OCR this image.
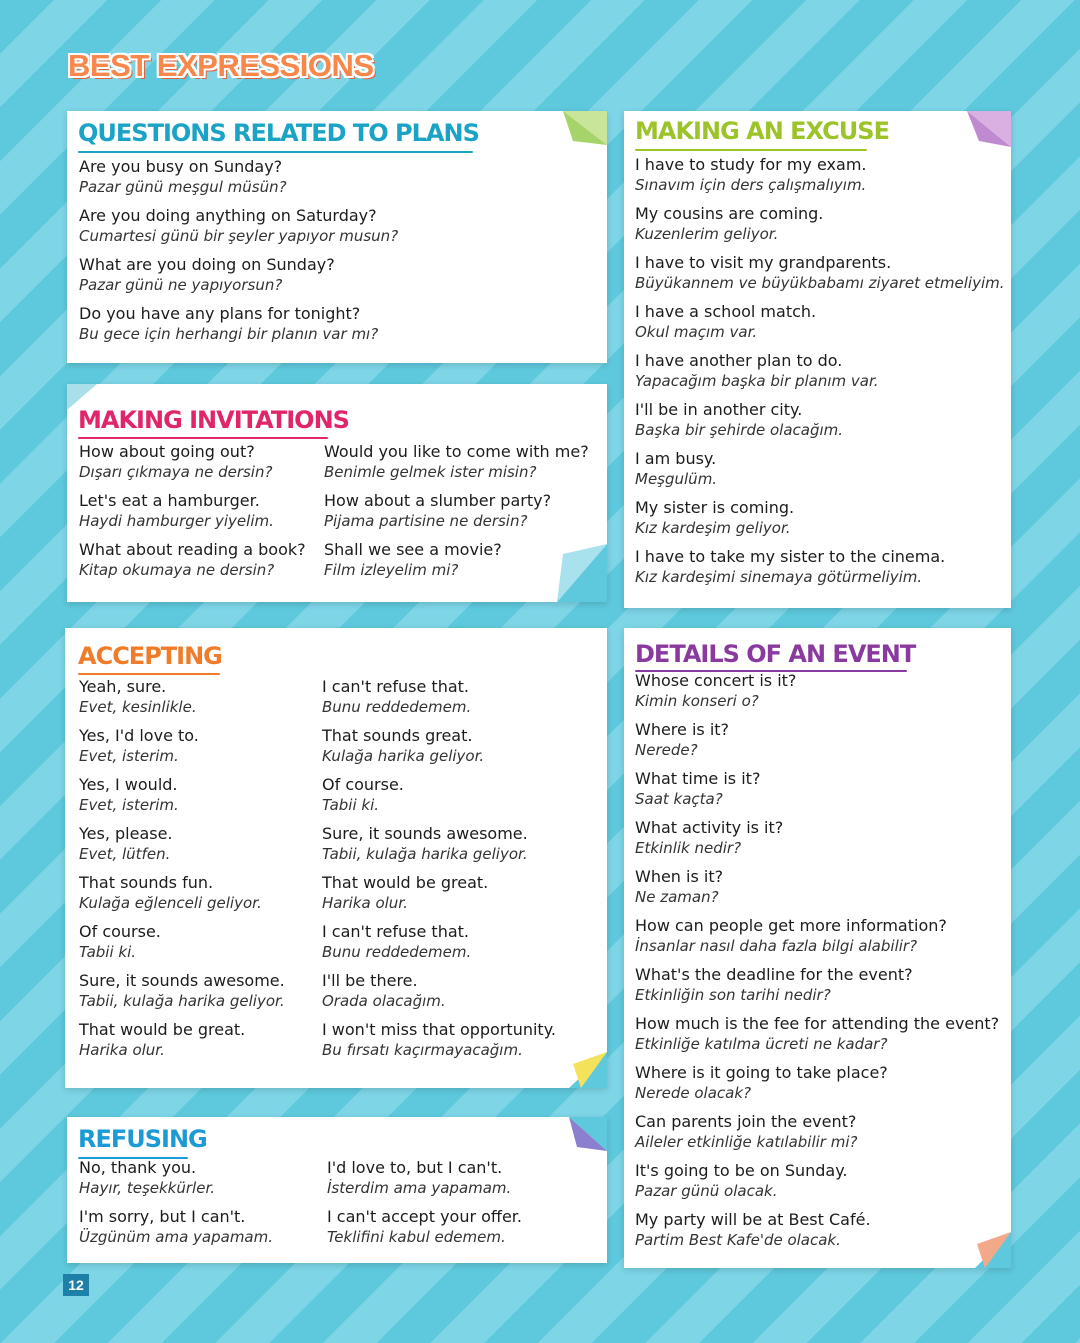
BEST EXPRESSIONS
QUESTIONS RELATED TO PLANS
Are you busy on Sunday?
Pazar günü meşgul müsün?
Are you doing anything on Saturday?
Cumartesi günü bir şeyler yapıyor musun?
What are you doing on Sunday?
Pazar günü ne yapıyorsun?
Do you have any plans for tonight?
Bu gece için herhangi bir planın var mı?
MAKING AN EXCUSE
I have to study for my exam.
Sınavım için ders çalışmalıyım.
My cousins are coming.
Kuzenlerim geliyor.
I have to visit my grandparents.
Büyükannem ve büyükbabamı ziyaret etmeliyim.
I have a school match.
Okul maçım var.
I have another plan to do.
Yapacağım başka bir planım var.
I'll be in another city.
Başka bir şehirde olacağım.
I am busy.
Meşgulüm.
My sister is coming.
Kız kardeşim geliyor.
I have to take my sister to the cinema.
Kız kardeşimi sinemaya götürmeliyim.
MAKING INVITATIONS
How about going out?
Dışarı çıkmaya ne dersin?
Let's eat a hamburger.
Haydi hamburger yiyelim.
What about reading a book?
Kitap okumaya ne dersin?
Would you like to come with me?
Benimle gelmek ister misin?
How about a slumber party?
Pijama partisine ne dersin?
Shall we see a movie?
Film izleyelim mi?
ACCEPTING
Yeah, sure.
Evet, kesinlikle.
Yes, I'd love to.
Evet, isterim.
Yes, I would.
Evet, isterim.
Yes, please.
Evet, lütfen.
That sounds fun.
Kulağa eğlenceli geliyor.
Of course.
Tabii ki.
Sure, it sounds awesome.
Tabii, kulağa harika geliyor.
That would be great.
Harika olur.
I can't refuse that.
Bunu reddedemem.
That sounds great.
Kulağa harika geliyor.
Of course.
Tabii ki.
Sure, it sounds awesome.
Tabii, kulağa harika geliyor.
That would be great.
Harika olur.
I can't refuse that.
Bunu reddedemem.
I'll be there.
Orada olacağım.
I won't miss that opportunity.
Bu fırsatı kaçırmayacağım.
DETAILS OF AN EVENT
Whose concert is it?
Kimin konseri o?
Where is it?
Nerede?
What time is it?
Saat kaçta?
What activity is it?
Etkinlik nedir?
When is it?
Ne zaman?
How can people get more information?
İnsanlar nasıl daha fazla bilgi alabilir?
What's the deadline for the event?
Etkinliğin son tarihi nedir?
How much is the fee for attending the event?
Etkinliğe katılma ücreti ne kadar?
Where is it going to take place?
Nerede olacak?
Can parents join the event?
Aileler etkinliğe katılabilir mi?
It's going to be on Sunday.
Pazar günü olacak.
My party will be at Best Café.
Partim Best Kafe'de olacak.
REFUSING
No, thank you.
Hayır, teşekkürler.
I'm sorry, but I can't.
Üzgünüm ama yapamam.
I'd love to, but I can't.
İsterdim ama yapamam.
I can't accept your offer.
Teklifini kabul edemem.
12
